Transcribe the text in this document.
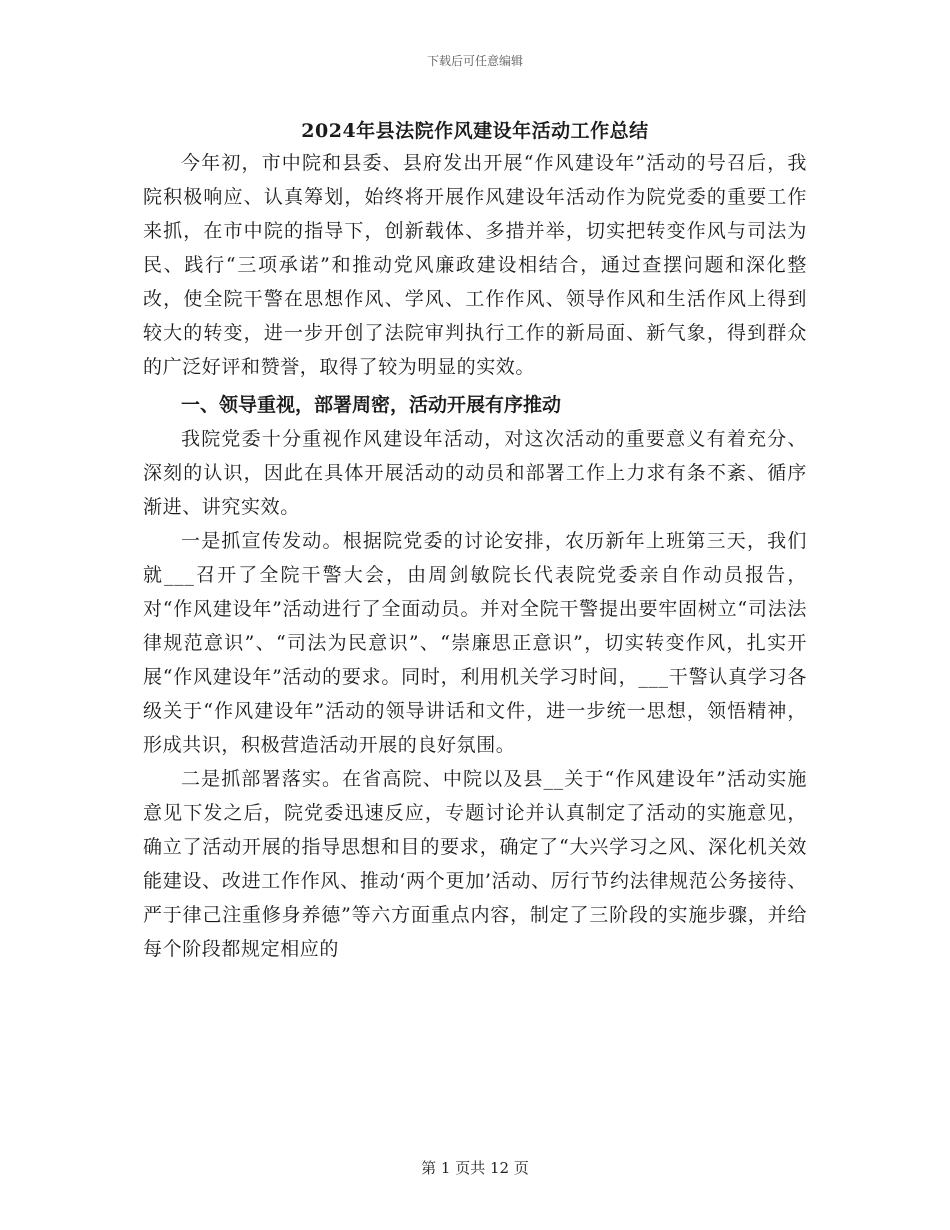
下载后可任意编辑
2024年县法院作风建设年活动工作总结

今年初，市中院和县委、县府发出开展“作风建设年”活动的号召后，我院积极响应、认真筹划，始终将开展作风建设年活动作为院党委的重要工作来抓，在市中院的指导下，创新载体、多措并举，切实把转变作风与司法为民、践行“三项承诺”和推动党风廉政建设相结合，通过查摆问题和深化整改，使全院干警在思想作风、学风、工作作风、领导作风和生活作风上得到较大的转变，进一步开创了法院审判执行工作的新局面、新气象，得到群众的广泛好评和赞誉，取得了较为明显的实效。

一、领导重视，部署周密，活动开展有序推动

我院党委十分重视作风建设年活动，对这次活动的重要意义有着充分、深刻的认识，因此在具体开展活动的动员和部署工作上力求有条不紊、循序渐进、讲究实效。

一是抓宣传发动。根据院党委的讨论安排，农历新年上班第三天，我们就___召开了全院干警大会，由周剑敏院长代表院党委亲自作动员报告，对“作风建设年”活动进行了全面动员。并对全院干警提出要牢固树立“司法法律规范意识”、“司法为民意识”、“崇廉思正意识”，切实转变作风，扎实开展“作风建设年”活动的要求。同时，利用机关学习时间，___干警认真学习各级关于“作风建设年”活动的领导讲话和文件，进一步统一思想，领悟精神，形成共识，积极营造活动开展的良好氛围。

二是抓部署落实。在省高院、中院以及县__关于“作风建设年”活动实施意见下发之后，院党委迅速反应，专题讨论并认真制定了活动的实施意见，确立了活动开展的指导思想和目的要求，确定了“大兴学习之风、深化机关效能建设、改进工作作风、推动‘两个更加’活动、厉行节约法律规范公务接待、严于律己注重修身养德”等六方面重点内容，制定了三阶段的实施步骤，并给每个阶段都规定相应的

第 1 页共 12 页
